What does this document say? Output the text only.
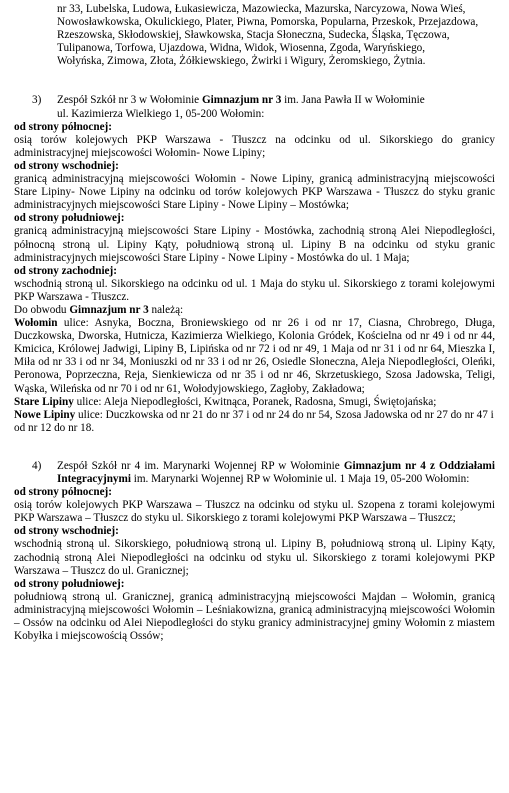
nr 33, Lubelska, Ludowa, Łukasiewicza, Mazowiecka, Mazurska, Narcyzowa, Nowa Wieś,
Nowosławkowska, Okulickiego, Plater, Piwna, Pomorska, Popularna, Przeskok, Przejazdowa,
Rzeszowska, Skłodowskiej, Sławkowska, Stacja Słoneczna, Sudecka, Śląska, Tęczowa,
Tulipanowa, Torfowa, Ujazdowa, Widna, Widok, Wiosenna, Zgoda, Waryńskiego,
Wołyńska, Zimowa, Złota, Żółkiewskiego, Żwirki i Wigury, Żeromskiego, Żytnia.
3) Zespół Szkół nr 3 w Wołominie Gimnazjum nr 3 im. Jana Pawła II w Wołominie
ul. Kazimierza Wielkiego 1, 05-200 Wołomin:
od strony północnej:
osią torów kolejowych PKP Warszawa - Tłuszcz na odcinku od ul. Sikorskiego do granicy administracyjnej miejscowości Wołomin- Nowe Lipiny;
od strony wschodniej:
granicą administracyjną miejscowości Wołomin - Nowe Lipiny, granicą administracyjną miejscowości Stare Lipiny- Nowe Lipiny na odcinku od torów kolejowych PKP Warszawa - Tłuszcz do styku granic administracyjnych miejscowości Stare Lipiny - Nowe Lipiny – Mostówka;
od strony południowej:
granicą administracyjną miejscowości Stare Lipiny - Mostówka, zachodnią stroną Alei Niepodległości, północną stroną ul. Lipiny Kąty, południową stroną ul. Lipiny B na odcinku od styku granic administracyjnych miejscowości Stare Lipiny - Nowe Lipiny - Mostówka do ul. 1 Maja;
od strony zachodniej:
wschodnią stroną ul. Sikorskiego na odcinku od ul. 1 Maja do styku ul. Sikorskiego z torami kolejowymi PKP Warszawa - Tłuszcz.
Do obwodu Gimnazjum nr 3 należą:
Wołomin ulice: Asnyka, Boczna, Broniewskiego od nr 26 i od nr 17, Ciasna, Chrobrego, Długa, Duczkowska, Dworska, Hutnicza, Kazimierza Wielkiego, Kolonia Gródek, Kościelna od nr 49 i od nr 44, Kmicica, Królowej Jadwigi, Lipiny B, Lipińska od nr 72 i od nr 49, 1 Maja od nr 31 i od nr 64, Mieszka I, Miła od nr 33 i od nr 34, Moniuszki od nr 33 i od nr 26, Osiedle Słoneczna, Aleja Niepodległości, Oleńki, Peronowa, Poprzeczna, Reja, Sienkiewicza od nr 35 i od nr 46, Skrzetuskiego, Szosa Jadowska, Teligi, Wąska, Wileńska od nr 70 i od nr 61, Wołodyjowskiego, Zagłoby, Zakładowa;
Stare Lipiny ulice: Aleja Niepodległości, Kwitnąca, Poranek, Radosna, Smugi, Świętojańska;
Nowe Lipiny ulice: Duczkowska od nr 21 do nr 37 i od nr 24 do nr 54, Szosa Jadowska od nr 27 do nr 47 i od nr 12 do nr 18.
4) Zespół Szkół nr 4 im. Marynarki Wojennej RP w Wołominie Gimnazjum nr 4 z Oddziałami Integracyjnymi im. Marynarki Wojennej RP w Wołominie ul. 1 Maja 19, 05-200 Wołomin:
od strony północnej:
osią torów kolejowych PKP Warszawa – Tłuszcz na odcinku od styku ul. Szopena z torami kolejowymi PKP Warszawa – Tłuszcz do styku ul. Sikorskiego z torami kolejowymi PKP Warszawa – Tłuszcz;
od strony wschodniej:
wschodnią stroną ul. Sikorskiego, południową stroną ul. Lipiny B, południową stroną ul. Lipiny Kąty, zachodnią stroną Alei Niepodległości na odcinku od styku ul. Sikorskiego z torami kolejowymi PKP Warszawa – Tłuszcz do ul. Granicznej;
od strony południowej:
południową stroną ul. Granicznej, granicą administracyjną miejscowości Majdan – Wołomin, granicą administracyjną miejscowości Wołomin – Leśniakowizna, granicą administracyjną miejscowości Wołomin – Ossów na odcinku od Alei Niepodległości do styku granicy administracyjnej gminy Wołomin z miastem Kobyłka i miejscowością Ossów;
